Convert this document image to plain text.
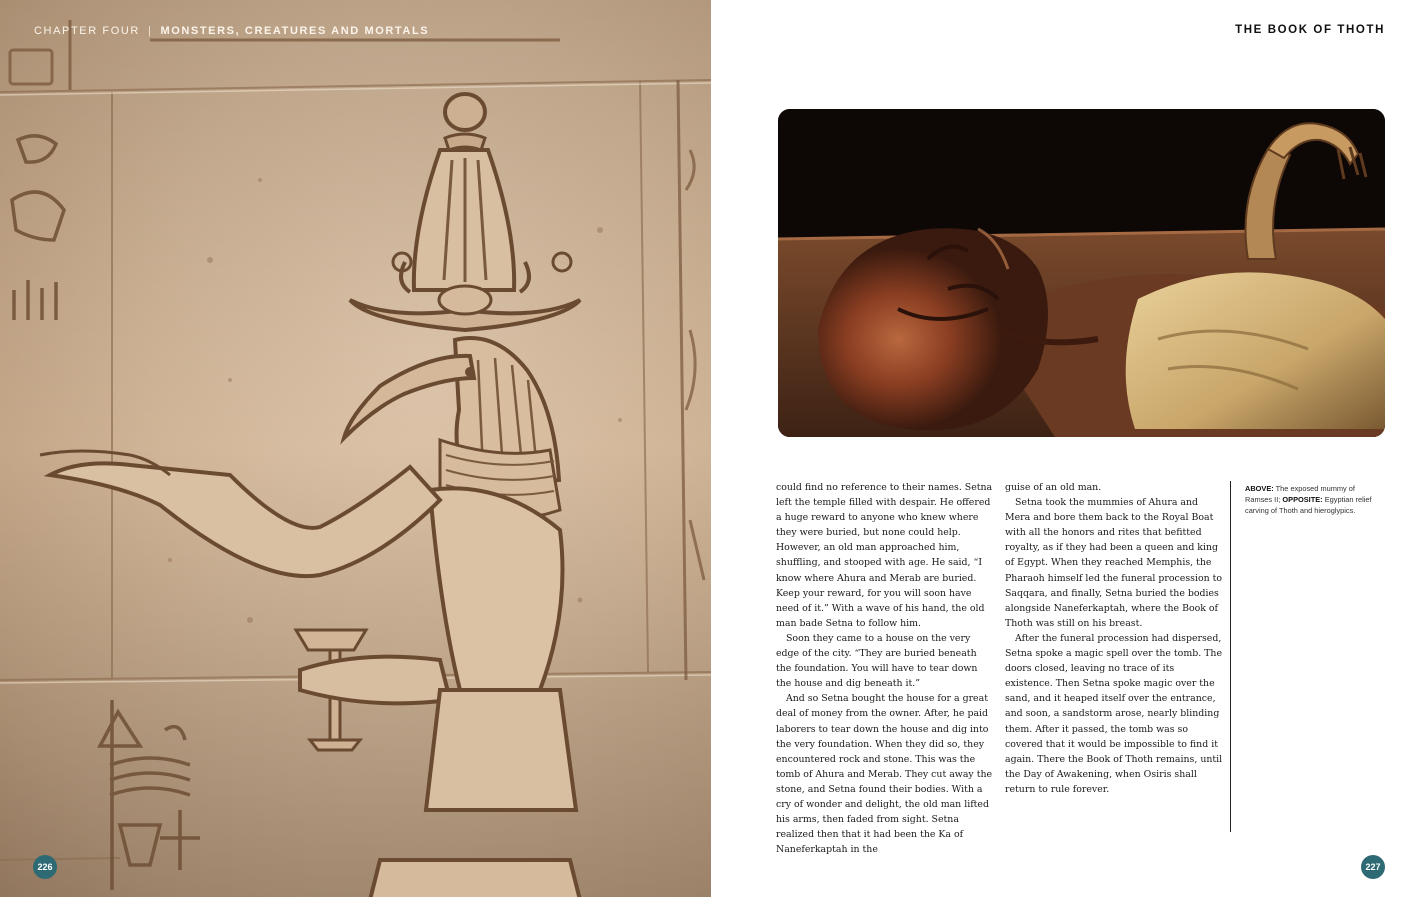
CHAPTER FOUR | MONSTERS, CREATURES AND MORTALS
226
THE BOOK OF THOTH

could find no reference to their names. Setna left the temple filled with despair. He offered a huge reward to anyone who knew where they were buried, but none could help. However, an old man approached him, shuffling, and stooped with age. He said, “I know where Ahura and Merab are buried. Keep your reward, for you will soon have need of it.” With a wave of his hand, the old man bade Setna to follow him.

Soon they came to a house on the very edge of the city. “They are buried beneath the foundation. You will have to tear down the house and dig beneath it.”

And so Setna bought the house for a great deal of money from the owner. After, he paid laborers to tear down the house and dig into the very foundation. When they did so, they encountered rock and stone. This was the tomb of Ahura and Merab. They cut away the stone, and Setna found their bodies. With a cry of wonder and delight, the old man lifted his arms, then faded from sight. Setna realized then that it had been the Ka of Naneferkaptah in the

guise of an old man.

Setna took the mummies of Ahura and Mera and bore them back to the Royal Boat with all the honors and rites that befitted royalty, as if they had been a queen and king of Egypt. When they reached Memphis, the Pharaoh himself led the funeral procession to Saqqara, and finally, Setna buried the bodies alongside Naneferkaptah, where the Book of Thoth was still on his breast.

After the funeral procession had dispersed, Setna spoke a magic spell over the tomb. The doors closed, leaving no trace of its existence. Then Setna spoke magic over the sand, and it heaped itself over the entrance, and soon, a sandstorm arose, nearly blinding them. After it passed, the tomb was so covered that it would be impossible to find it again. There the Book of Thoth remains, until the Day of Awakening, when Osiris shall return to rule forever.

ABOVE: The exposed mummy of Ramses II; OPPOSITE: Egyptian relief carving of Thoth and hieroglypics.
227
